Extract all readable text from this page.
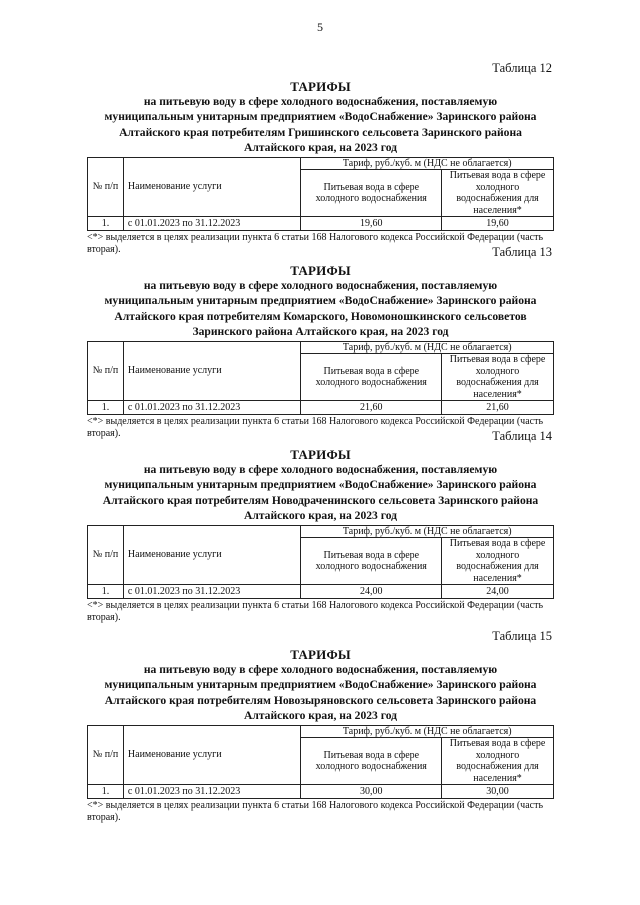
5
Таблица 12
ТАРИФЫ
на питьевую воду в сфере холодного водоснабжения, поставляемую
муниципальным унитарным предприятием «ВодоСнабжение» Заринского района
Алтайского края потребителям Гришинского сельсовета Заринского района
Алтайского края, на 2023 год
№ п/п	Наименование услуги	Тариф, руб./куб. м (НДС не облагается)	
		Питьевая вода в сфере холодного водоснабжения	Питьевая вода в сфере холодного водоснабжения для населения*
1.	с 01.01.2023 по 31.12.2023	19,60	19,60
<*> выделяется в целях реализации пункта 6 статьи 168 Налогового кодекса Российской Федерации (часть вторая).	Таблица 13
ТАРИФЫ
на питьевую воду в сфере холодного водоснабжения, поставляемую
муниципальным унитарным предприятием «ВодоСнабжение» Заринского района
Алтайского края потребителям Комарского, Новомоношкинского сельсоветов
Заринского района Алтайского края, на 2023 год
№ п/п	Наименование услуги	Тариф, руб./куб. м (НДС не облагается)	
		Питьевая вода в сфере холодного водоснабжения	Питьевая вода в сфере холодного водоснабжения для населения*
1.	с 01.01.2023 по 31.12.2023	21,60	21,60
<*> выделяется в целях реализации пункта 6 статьи 168 Налогового кодекса Российской Федерации (часть вторая).	Таблица 14
ТАРИФЫ
на питьевую воду в сфере холодного водоснабжения, поставляемую
муниципальным унитарным предприятием «ВодоСнабжение» Заринского района
Алтайского края потребителям Новодраченинского сельсовета Заринского района
Алтайского края, на 2023 год
№ п/п	Наименование услуги	Тариф, руб./куб. м (НДС не облагается)	
		Питьевая вода в сфере холодного водоснабжения	Питьевая вода в сфере холодного водоснабжения для населения*
1.	с 01.01.2023 по 31.12.2023	24,00	24,00
<*> выделяется в целях реализации пункта 6 статьи 168 Налогового кодекса Российской Федерации (часть вторая).
Таблица 15
ТАРИФЫ
на питьевую воду в сфере холодного водоснабжения, поставляемую
муниципальным унитарным предприятием «ВодоСнабжение» Заринского района
Алтайского края потребителям Новозыряновского сельсовета Заринского района
Алтайского края, на 2023 год
№ п/п	Наименование услуги	Тариф, руб./куб. м (НДС не облагается)	
		Питьевая вода в сфере холодного водоснабжения	Питьевая вода в сфере холодного водоснабжения для населения*
1.	с 01.01.2023 по 31.12.2023	30,00	30,00
<*> выделяется в целях реализации пункта 6 статьи 168 Налогового кодекса Российской Федерации (часть вторая).
